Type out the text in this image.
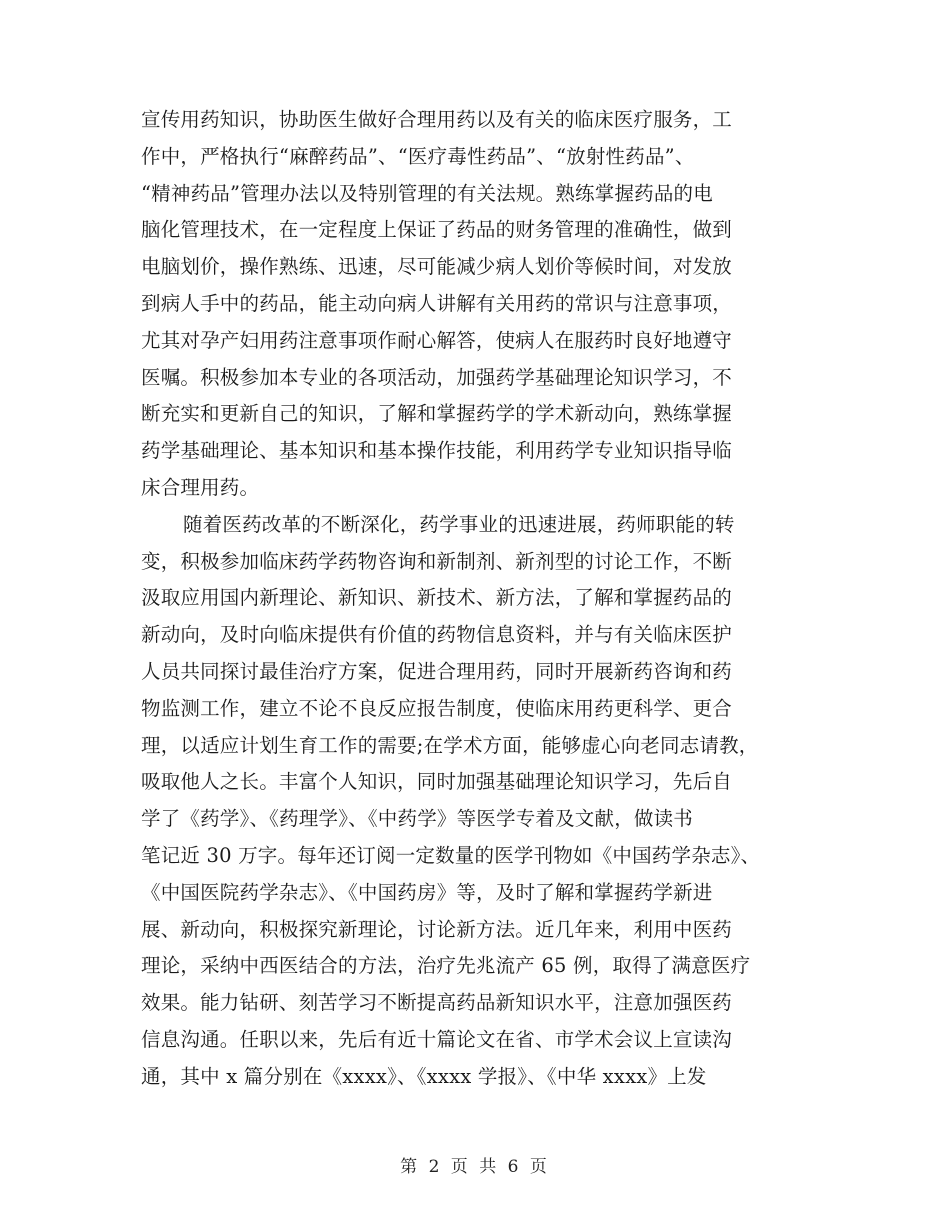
宣传用药知识，协助医生做好合理用药以及有关的临床医疗服务，工
作中，严格执行“麻醉药品”、“医疗毒性药品”、“放射性药品”、
“精神药品”管理办法以及特别管理的有关法规。熟练掌握药品的电
脑化管理技术，在一定程度上保证了药品的财务管理的准确性，做到
电脑划价，操作熟练、迅速，尽可能减少病人划价等候时间，对发放
到病人手中的药品，能主动向病人讲解有关用药的常识与注意事项，
尤其对孕产妇用药注意事项作耐心解答，使病人在服药时良好地遵守
医嘱。积极参加本专业的各项活动，加强药学基础理论知识学习，不
断充实和更新自己的知识，了解和掌握药学的学术新动向，熟练掌握
药学基础理论、基本知识和基本操作技能，利用药学专业知识指导临
床合理用药。
随着医药改革的不断深化，药学事业的迅速进展，药师职能的转
变，积极参加临床药学药物咨询和新制剂、新剂型的讨论工作，不断
汲取应用国内新理论、新知识、新技术、新方法，了解和掌握药品的
新动向，及时向临床提供有价值的药物信息资料，并与有关临床医护
人员共同探讨最佳治疗方案，促进合理用药，同时开展新药咨询和药
物监测工作，建立不论不良反应报告制度，使临床用药更科学、更合
理，以适应计划生育工作的需要;在学术方面，能够虚心向老同志请教，
吸取他人之长。丰富个人知识，同时加强基础理论知识学习，先后自
学了《药学》、《药理学》、《中药学》等医学专着及文献，做读书
笔记近 30 万字。每年还订阅一定数量的医学刊物如《中国药学杂志》、
《中国医院药学杂志》、《中国药房》等，及时了解和掌握药学新进
展、新动向，积极探究新理论，讨论新方法。近几年来，利用中医药
理论，采纳中西医结合的方法，治疗先兆流产 65 例，取得了满意医疗
效果。能力钻研、刻苦学习不断提高药品新知识水平，注意加强医药
信息沟通。任职以来，先后有近十篇论文在省、市学术会议上宣读沟
通，其中 x 篇分别在《xxxx》、《xxxx 学报》、《中华 xxxx》上发
第 2 页 共 6 页
